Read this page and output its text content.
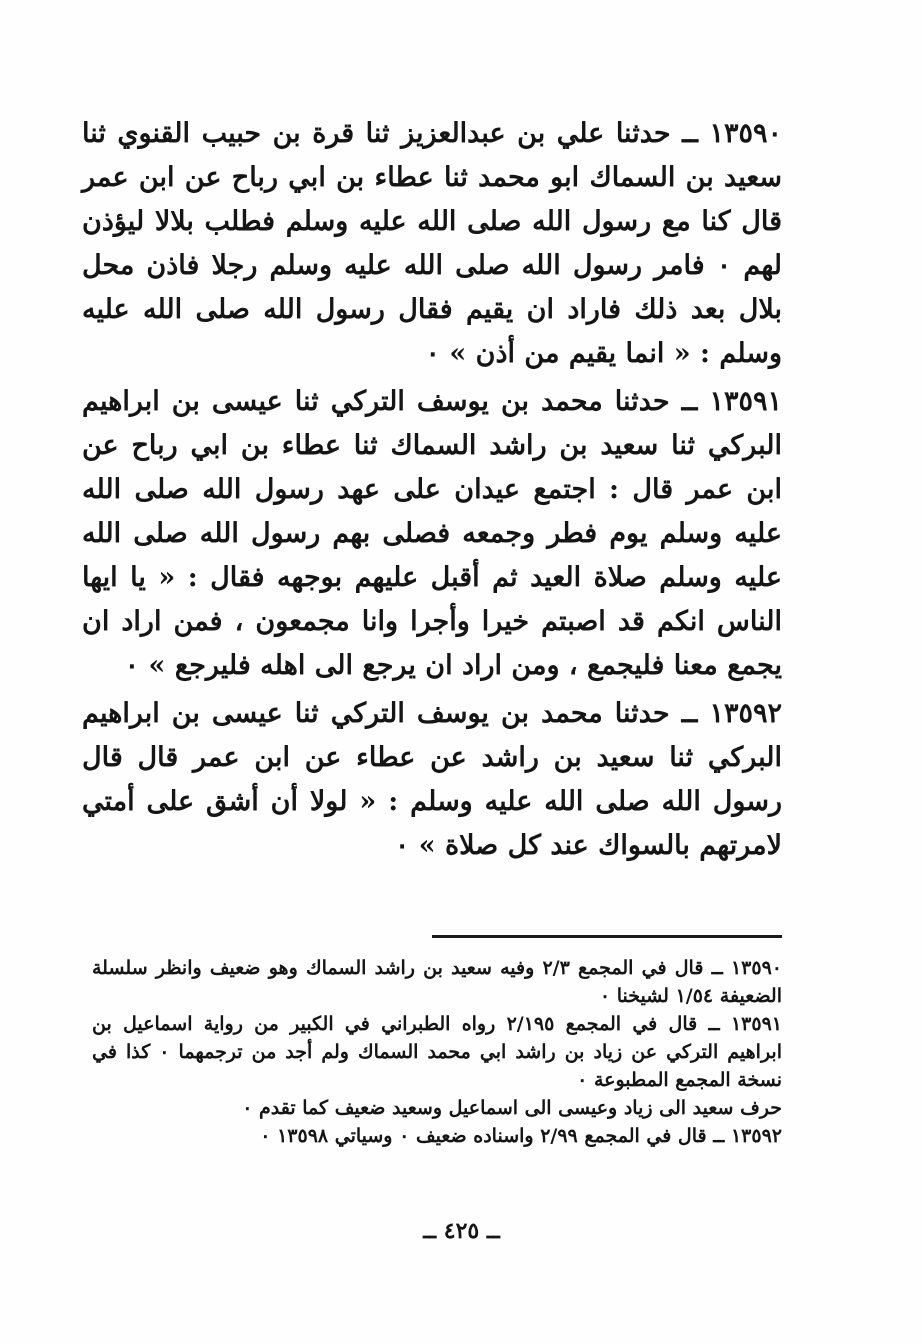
١٣٥٩٠ ــ حدثنا علي بن عبدالعزيز ثنا قرة بن حبيب القنوي ثنا سعيد بن السماك ابو محمد ثنا عطاء بن ابي رباح عن ابن عمر قال كنا مع رسول الله صلى الله عليه وسلم فطلب بلالا ليؤذن لهم ٠ فامر رسول الله صلى الله عليه وسلم رجلا فاذن محل بلال بعد ذلك فاراد ان يقيم فقال رسول الله صلى الله عليه وسلم : « انما يقيم من أذن » ٠

١٣٥٩١ ــ حدثنا محمد بن يوسف التركي ثنا عيسى بن ابراهيم البركي ثنا سعيد بن راشد السماك ثنا عطاء بن ابي رباح عن ابن عمر قال : اجتمع عيدان على عهد رسول الله صلى الله عليه وسلم يوم فطر وجمعه فصلى بهم رسول الله صلى الله عليه وسلم صلاة العيد ثم أقبل عليهم بوجهه فقال : « يا ايها الناس انكم قد اصبتم خيرا وأجرا وانا مجمعون ، فمن اراد ان يجمع معنا فليجمع ، ومن اراد ان يرجع الى اهله فليرجع » ٠

١٣٥٩٢ ــ حدثنا محمد بن يوسف التركي ثنا عيسى بن ابراهيم البركي ثنا سعيد بن راشد عن عطاء عن ابن عمر قال قال رسول الله صلى الله عليه وسلم : « لولا أن أشق على أمتي لامرتهم بالسواك عند كل صلاة » ٠

١٣٥٩٠ ــ قال في المجمع ٢/٣ وفيه سعيد بن راشد السماك وهو ضعيف وانظر سلسلة الضعيفة ١/٥٤ لشيخنا ٠

١٣٥٩١ ــ قال في المجمع ٢/١٩٥ رواه الطبراني في الكبير من رواية اسماعيل بن ابراهيم التركي عن زياد بن راشد ابي محمد السماك ولم أجد من ترجمهما ٠ كذا في نسخة المجمع المطبوعة ٠

حرف سعيد الى زياد وعيسى الى اسماعيل وسعيد ضعيف كما تقدم ٠

١٣٥٩٢ ــ قال في المجمع ٢/٩٩ واسناده ضعيف ٠ وسياتي ١٣٥٩٨ ٠

ــ ٤٢٥ ــ
